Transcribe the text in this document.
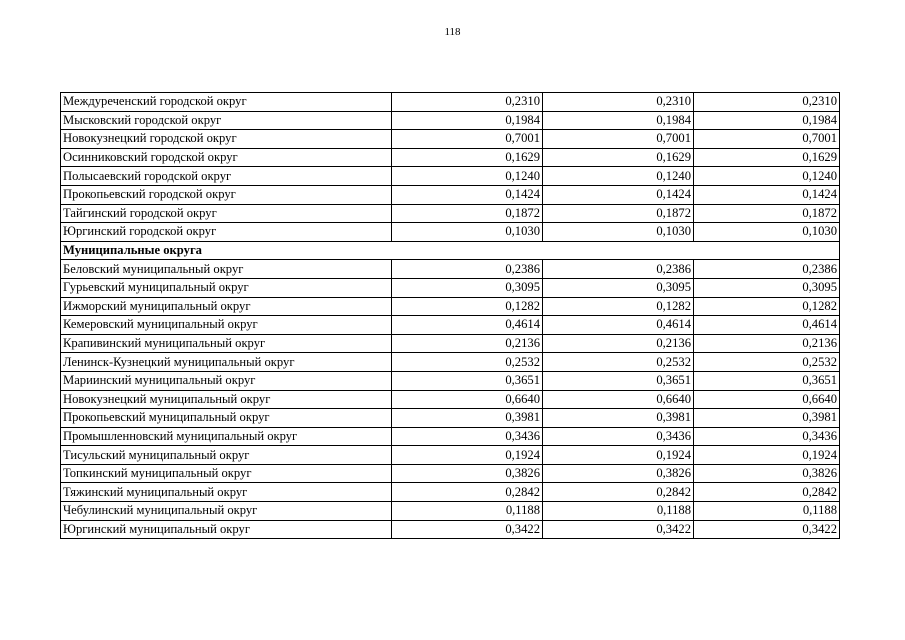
118
Междуреченский городской округ	0,2310	0,2310	0,2310
Мысковский городской округ	0,1984	0,1984	0,1984
Новокузнецкий городской округ	0,7001	0,7001	0,7001
Осинниковский городской округ	0,1629	0,1629	0,1629
Полысаевский городской округ	0,1240	0,1240	0,1240
Прокопьевский городской округ	0,1424	0,1424	0,1424
Тайгинский городской округ	0,1872	0,1872	0,1872
Юргинский городской округ	0,1030	0,1030	0,1030
Муниципальные округа			
Беловский муниципальный округ	0,2386	0,2386	0,2386
Гурьевский муниципальный округ	0,3095	0,3095	0,3095
Ижморский муниципальный округ	0,1282	0,1282	0,1282
Кемеровский муниципальный округ	0,4614	0,4614	0,4614
Крапивинский муниципальный округ	0,2136	0,2136	0,2136
Ленинск-Кузнецкий муниципальный округ	0,2532	0,2532	0,2532
Мариинский муниципальный округ	0,3651	0,3651	0,3651
Новокузнецкий муниципальный округ	0,6640	0,6640	0,6640
Прокопьевский муниципальный округ	0,3981	0,3981	0,3981
Промышленновский муниципальный округ	0,3436	0,3436	0,3436
Тисульский муниципальный округ	0,1924	0,1924	0,1924
Топкинский муниципальный округ	0,3826	0,3826	0,3826
Тяжинский муниципальный округ	0,2842	0,2842	0,2842
Чебулинский муниципальный округ	0,1188	0,1188	0,1188
Юргинский муниципальный округ	0,3422	0,3422	0,3422
